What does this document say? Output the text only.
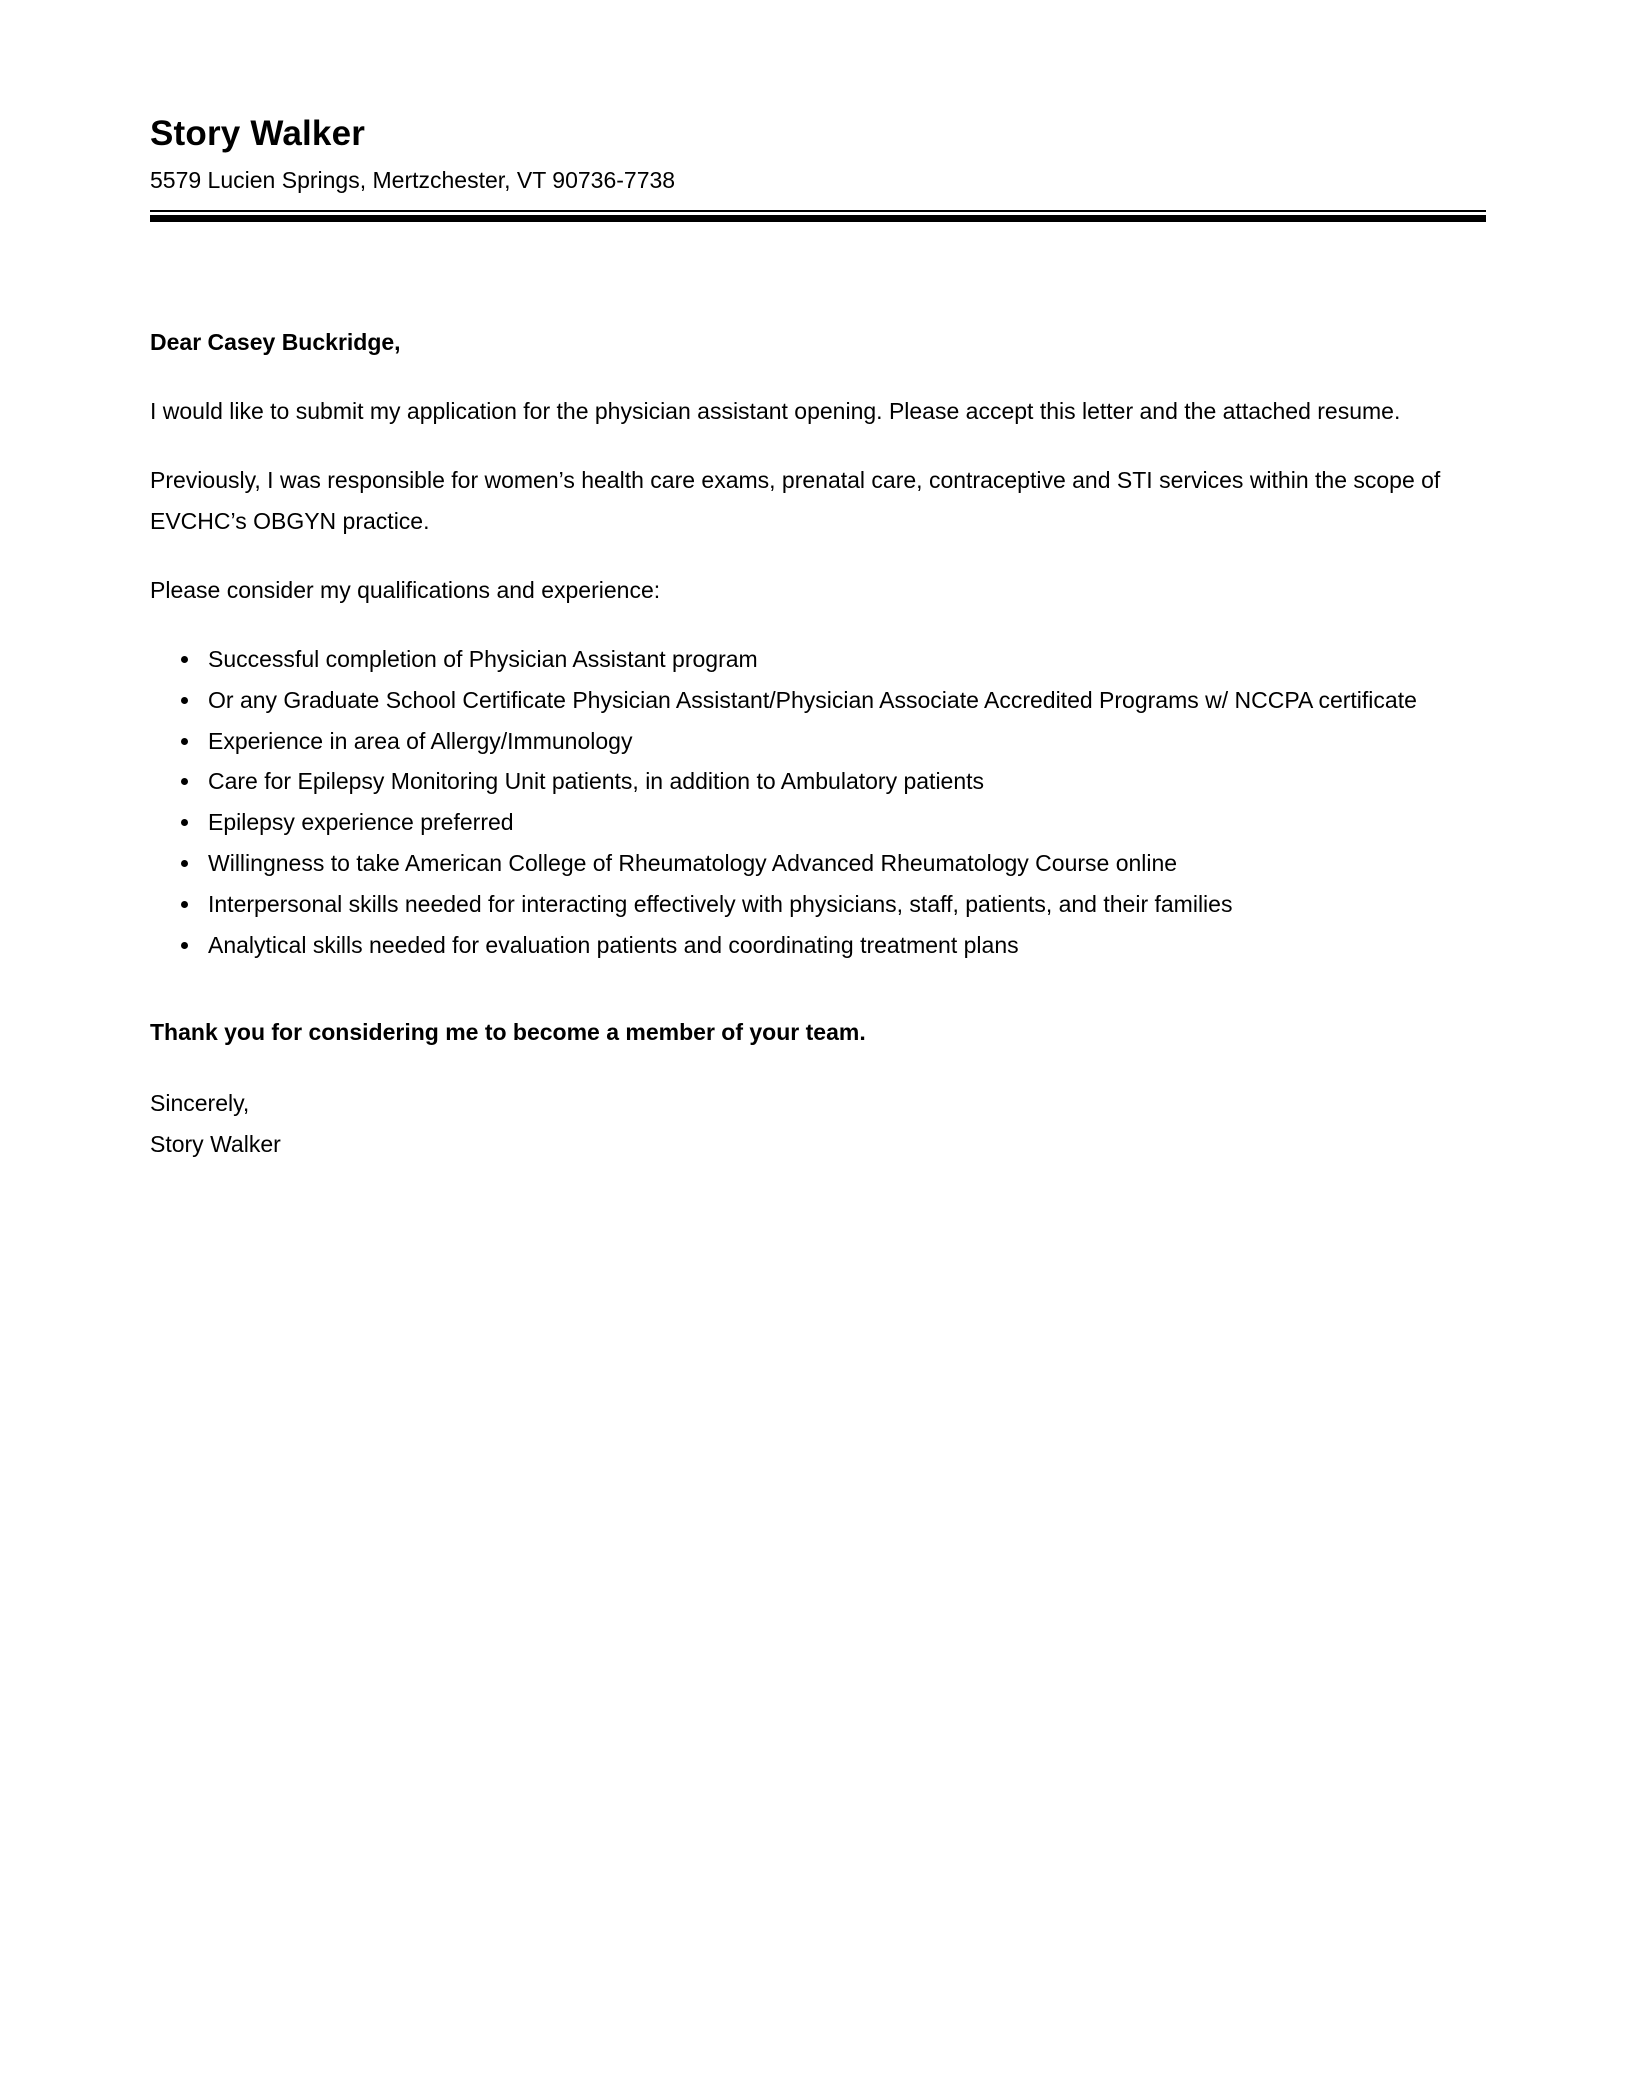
Story Walker

5579 Lucien Springs, Mertzchester, VT 90736-7738

Dear Casey Buckridge,

I would like to submit my application for the physician assistant opening. Please accept this letter and the attached resume.

Previously, I was responsible for women’s health care exams, prenatal care, contraceptive and STI services within the scope of EVCHC’s OBGYN practice.

Please consider my qualifications and experience:

• Successful completion of Physician Assistant program
• Or any Graduate School Certificate Physician Assistant/Physician Associate Accredited Programs w/ NCCPA certificate
• Experience in area of Allergy/Immunology
• Care for Epilepsy Monitoring Unit patients, in addition to Ambulatory patients
• Epilepsy experience preferred
• Willingness to take American College of Rheumatology Advanced Rheumatology Course online
• Interpersonal skills needed for interacting effectively with physicians, staff, patients, and their families
• Analytical skills needed for evaluation patients and coordinating treatment plans

Thank you for considering me to become a member of your team.

Sincerely,
Story Walker
